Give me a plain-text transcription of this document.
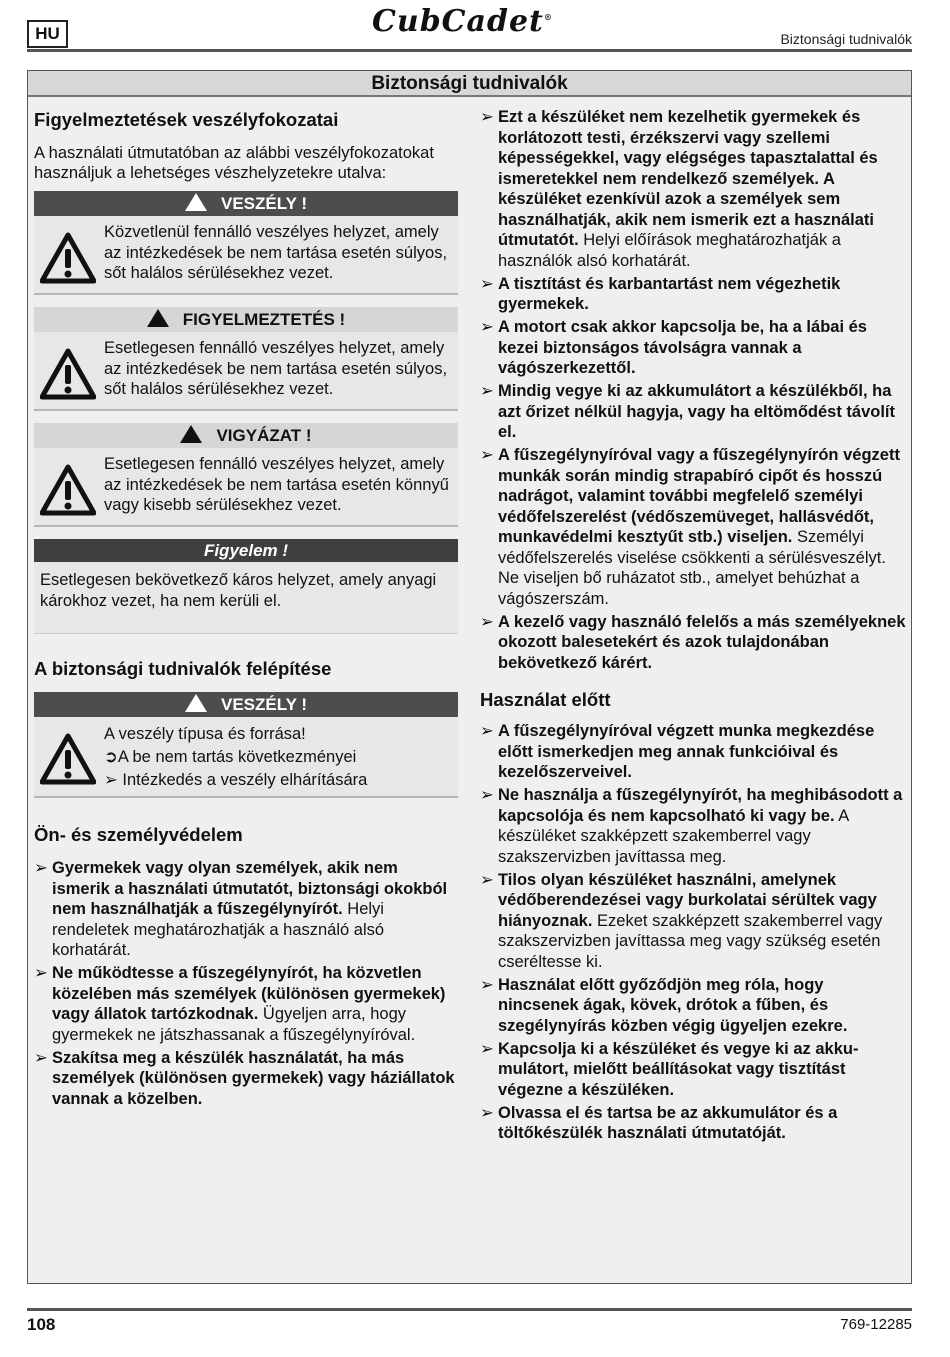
HU	CubCadet®
Biztonsági tudnivalók
Biztonsági tudnivalók
Figyelmeztetések veszélyfokozatai

A használati útmutatóban az alábbi veszélyfokozatokat használjuk a lehetséges vészhelyzetekre utalva:

VESZÉLY !
Közvetlenül fennálló veszélyes helyzet, amely az intézkedések be nem tartása esetén súlyos, sőt halálos sérülésekhez vezet.
FIGYELMEZTETÉS !
Esetlegesen fennálló veszélyes helyzet, amely az intézkedések be nem tartása esetén súlyos, sőt halálos sérülésekhez vezet.
VIGYÁZAT !
Esetlegesen fennálló veszélyes helyzet, amely az intézkedések be nem tartása esetén könnyű vagy kisebb sérülésekhez vezet.
Figyelem !
Esetlegesen bekövetkező káros helyzet, amely anyagi károkhoz vezet, ha nem kerüli el.
A biztonsági tudnivalók felépítése
VESZÉLY !
A veszély típusa és forrása!
➲A be nem tartás következményei
➢ Intézkedés a veszély elhárítására
Ön- és személyvédelem
➢ Gyermekek vagy olyan személyek, akik nem ismerik a használati útmutatót, biztonsági okokból nem használhatják a fűszegélynyírót. Helyi rendeletek meghatározhatják a használó alsó korhatárát.
➢ Ne működtesse a fűszegélynyírót, ha közvetlen közelében más személyek (különösen gyermekek) vagy állatok tartózkodnak. Ügyeljen arra, hogy gyermekek ne játszhassanak a fűszegélynyíróval.
➢ Szakítsa meg a készülék használatát, ha más személyek (különösen gyermekek) vagy háziállatok vannak a közelben.
➢ Ezt a készüléket nem kezelhetik gyermekek és korlátozott testi, érzékszervi vagy szellemi képességekkel, vagy elégséges tapasztalattal és ismeretekkel nem rendelkező személyek. A készüléket ezenkívül azok a személyek sem használhatják, akik nem ismerik ezt a használati útmutatót. Helyi előírások meghatározhatják a használók alsó korhatárát.
➢ A tisztítást és karbantartást nem végezhetik gyermekek.
➢ A motort csak akkor kapcsolja be, ha a lábai és kezei biztonságos távolságra vannak a vágószerkezettől.
➢ Mindig vegye ki az akkumulátort a készülékből, ha azt őrizet nélkül hagyja, vagy ha eltömődést távolít el.
➢ A fűszegélynyíróval vagy a fűszegélynyírón végzett munkák során mindig strapabíró cipőt és hosszú nadrágot, valamint további megfelelő személyi védőfelszerelést (védőszemüveget, hallásvédőt, munkavédelmi kesztyűt stb.) viseljen. Személyi védőfelszerelés viselése csökkenti a sérülésveszélyt. Ne viseljen bő ruházatot stb., amelyet behúzhat a vágószerszám.
➢ A kezelő vagy használó felelős a más személyeknek okozott balesetekért és azok tulajdonában bekövetkező kárért.
Használat előtt
➢ A fűszegélynyíróval végzett munka megkezdése előtt ismerkedjen meg annak funkcióival és kezelőszerveivel.
➢ Ne használja a fűszegélynyírót, ha meghibásodott a kapcsolója és nem kapcsolható ki vagy be. A készüléket szakképzett szakemberrel vagy szakszervizben javíttassa meg.
➢ Tilos olyan készüléket használni, amelynek védőberendezései vagy burkolatai sérültek vagy hiányoznak. Ezeket szakképzett szakemberrel vagy szakszervizben javíttassa meg vagy szükség esetén cseréltesse ki.
➢ Használat előtt győződjön meg róla, hogy nincsenek ágak, kövek, drótok a fűben, és szegélynyírás közben végig ügyeljen ezekre.
➢ Kapcsolja ki a készüléket és vegye ki az akkumulátort, mielőtt beállításokat vagy tisztítást végezne a készüléken.
➢ Olvassa el és tartsa be az akkumulátor és a töltőkészülék használati útmutatóját.
108	769-12285
